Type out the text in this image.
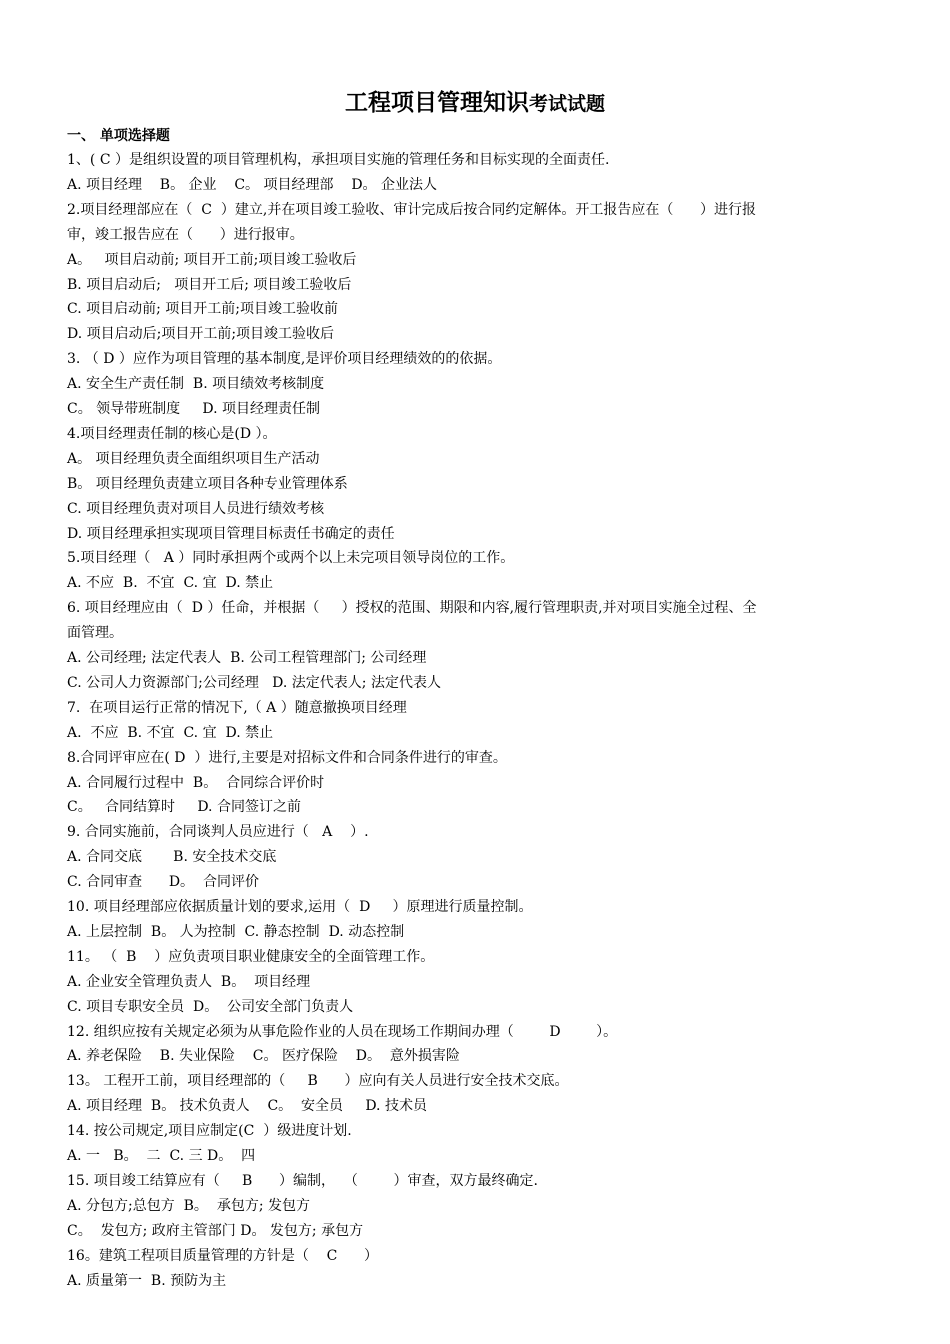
工程项目管理知识考试试题
一、 单项选择题
1、( C ）是组织设置的项目管理机构，承担项目实施的管理任务和目标实现的全面责任.
A. 项目经理    B。 企业    C。 项目经理部    D。 企业法人
2.项目经理部应在（  C  ）建立,并在项目竣工验收、审计完成后按合同约定解体。开工报告应在（      ）进行报
审，竣工报告应在（      ）进行报审。
A。   项目启动前; 项目开工前;项目竣工验收后
B. 项目启动后;   项目开工后; 项目竣工验收后
C. 项目启动前; 项目开工前;项目竣工验收前
D. 项目启动后;项目开工前;项目竣工验收后
3. （ D ）应作为项目管理的基本制度,是评价项目经理绩效的的依据。
A. 安全生产责任制  B. 项目绩效考核制度
C。 领导带班制度     D. 项目经理责任制
4.项目经理责任制的核心是(D ）。
A。 项目经理负责全面组织项目生产活动
B。 项目经理负责建立项目各种专业管理体系
C. 项目经理负责对项目人员进行绩效考核
D. 项目经理承担实现项目管理目标责任书确定的责任
5.项目经理（   A ）同时承担两个或两个以上未完项目领导岗位的工作。
A. 不应  B.  不宜  C. 宜  D. 禁止
6. 项目经理应由（  D ）任命，并根据（     ）授权的范围、期限和内容,履行管理职责,并对项目实施全过程、全
面管理。
A. 公司经理; 法定代表人  B. 公司工程管理部门; 公司经理
C. 公司人力资源部门;公司经理   D. 法定代表人; 法定代表人
7.  在项目运行正常的情况下,（ A ）随意撤换项目经理
A.  不应  B. 不宜  C. 宜  D. 禁止
8.合同评审应在( D  ）进行,主要是对招标文件和合同条件进行的审查。
A. 合同履行过程中  B。  合同综合评价时
C。   合同结算时     D. 合同签订之前
9. 合同实施前，合同谈判人员应进行（   A    ）.
A. 合同交底       B. 安全技术交底
C. 合同审查      D。  合同评价
10. 项目经理部应依据质量计划的要求,运用（  D     ）原理进行质量控制。
A. 上层控制  B。 人为控制  C. 静态控制  D. 动态控制
11。 （  B    ）应负责项目职业健康安全的全面管理工作。
A. 企业安全管理负责人  B。  项目经理
C. 项目专职安全员  D。  公司安全部门负责人
12. 组织应按有关规定必须为从事危险作业的人员在现场工作期间办理（        D        ）。
A. 养老保险    B. 失业保险    C。 医疗保险    D。  意外损害险
13。 工程开工前，项目经理部的（     B      ）应向有关人员进行安全技术交底。
A. 项目经理  B。 技术负责人    C。  安全员     D. 技术员
14. 按公司规定,项目应制定(C  ）级进度计划.
A. 一   B。  二  C. 三 D。  四
15. 项目竣工结算应有（     B      ）编制，  （        ）审查，双方最终确定.
A. 分包方;总包方  B。  承包方; 发包方
C。  发包方; 政府主管部门 D。 发包方; 承包方
16。建筑工程项目质量管理的方针是（    C      ）
A. 质量第一  B. 预防为主
